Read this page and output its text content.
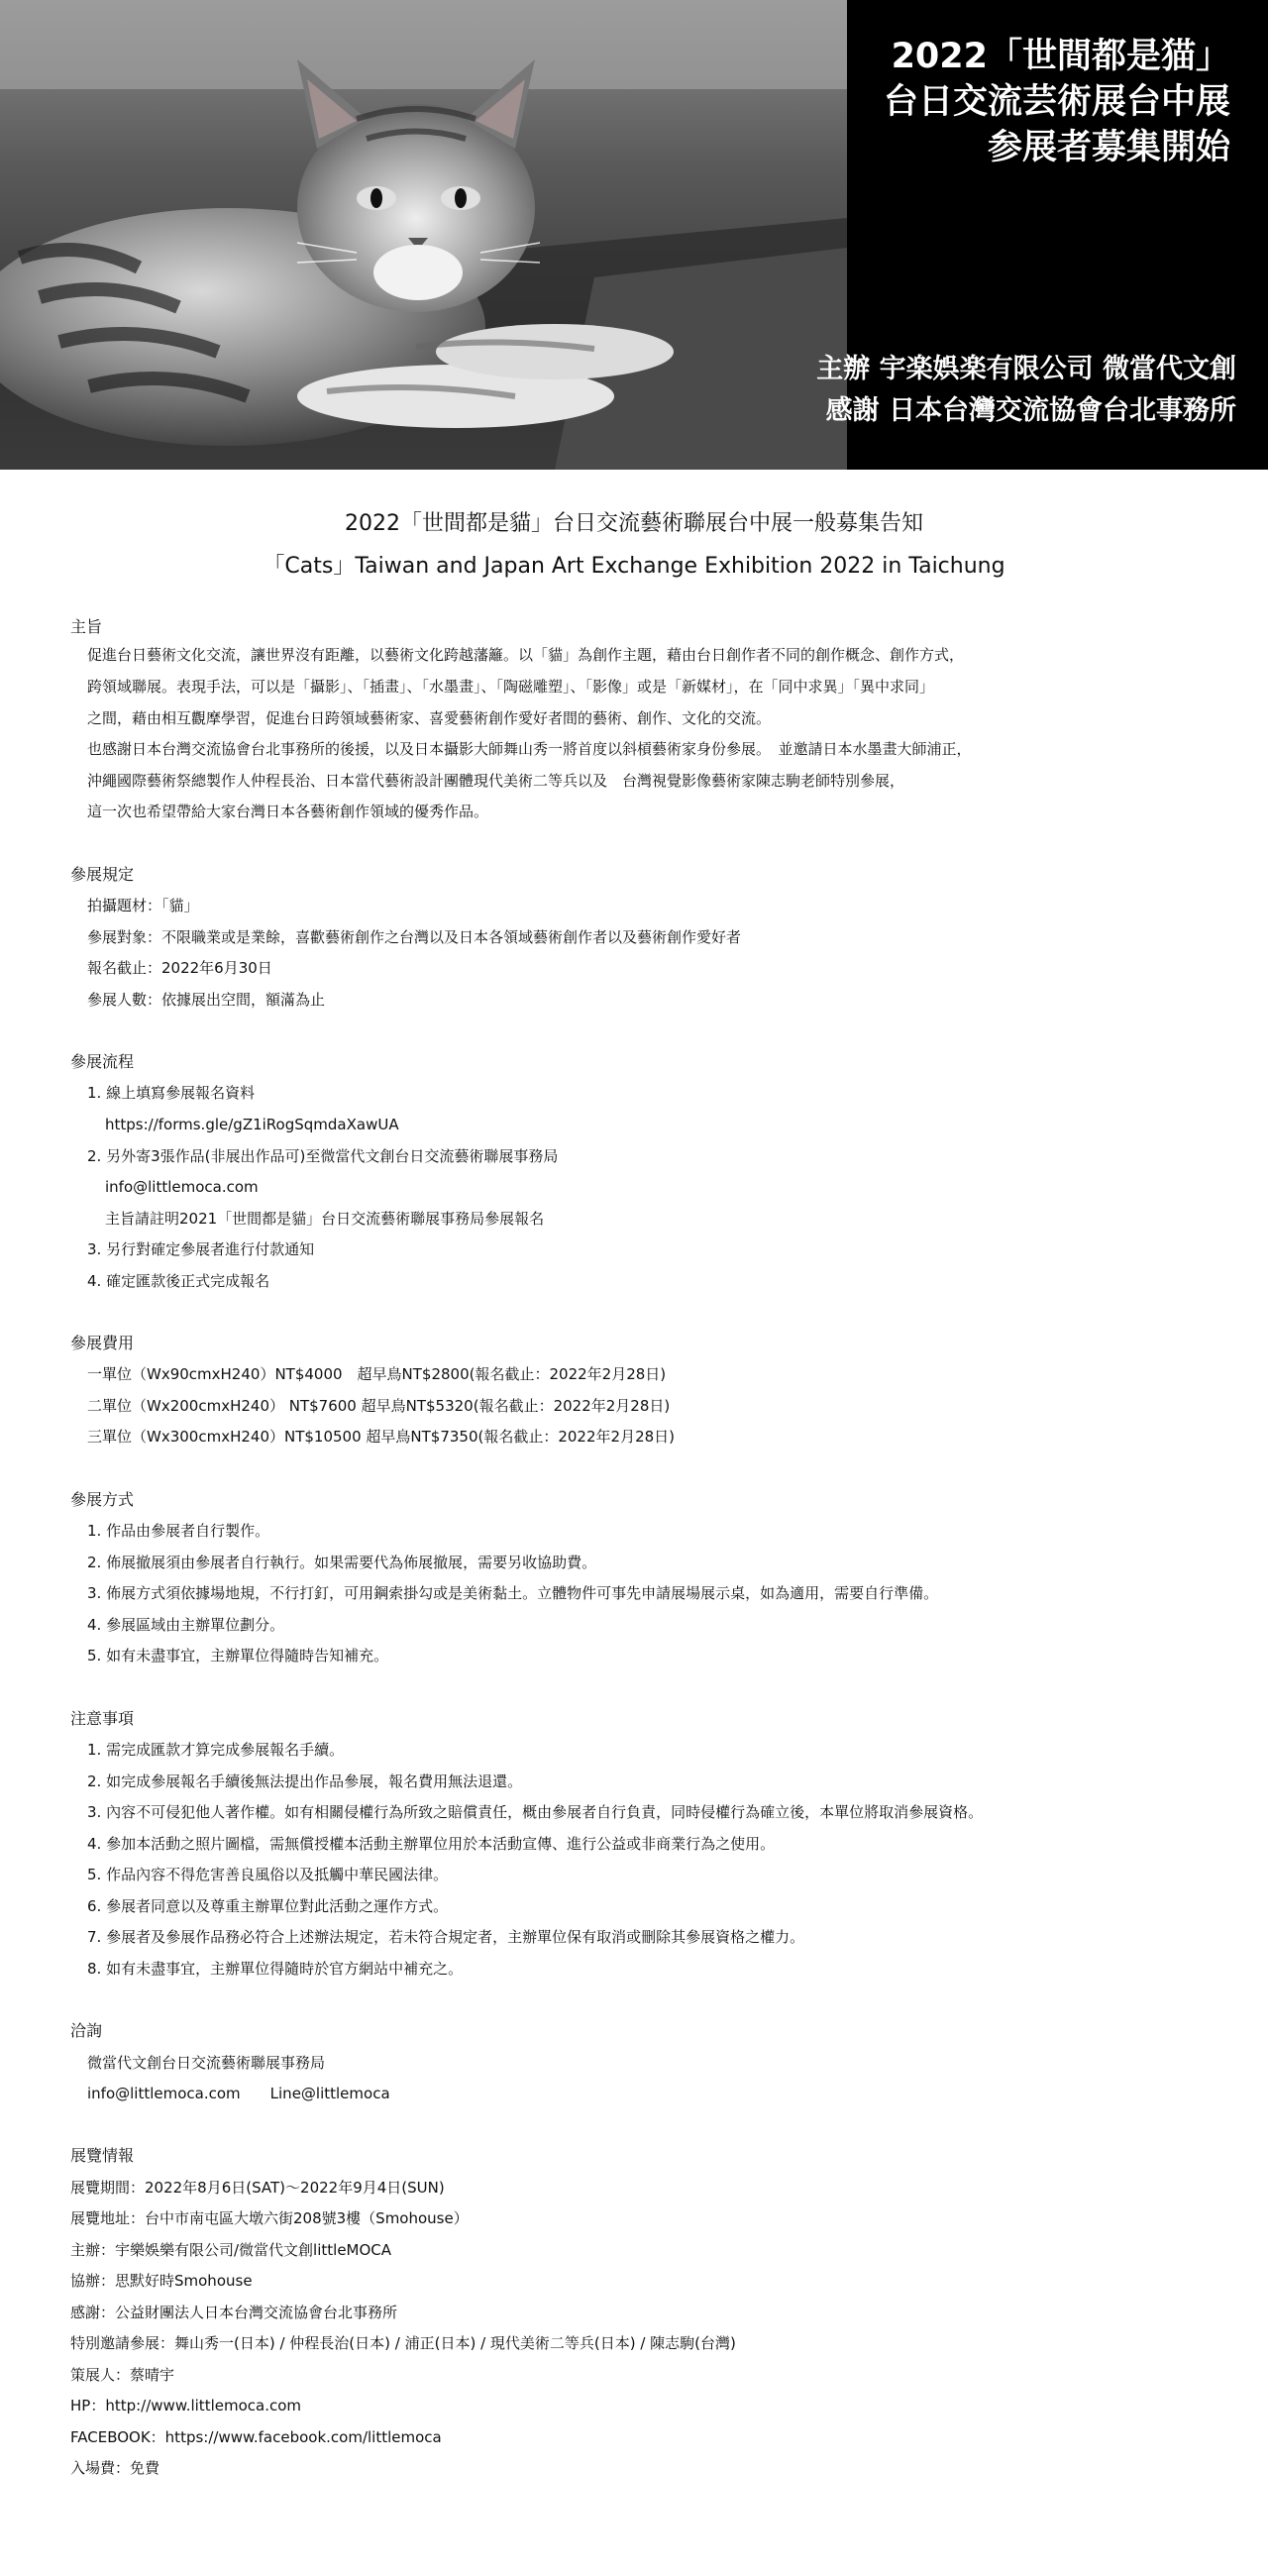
2022「世間都是猫」
台日交流芸術展台中展
参展者募集開始
主辦 宇楽娯楽有限公司 微當代文創
感謝 日本台灣交流協會台北事務所
2022「世間都是貓」台日交流藝術聯展台中展一般募集告知
「Cats」Taiwan and Japan Art Exchange Exhibition 2022 in Taichung
主旨
促進台日藝術文化交流，讓世界沒有距離，以藝術文化跨越藩籬。以「貓」為創作主題，藉由台日創作者不同的創作概念、創作方式，
跨領域聯展。表現手法，可以是「攝影」、「插畫」、「水墨畫」、「陶磁雕塑」、「影像」或是「新媒材」，在「同中求異」「異中求同」
之間，藉由相互觀摩學習，促進台日跨領域藝術家、喜愛藝術創作愛好者間的藝術、創作、文化的交流。
也感謝日本台灣交流協會台北事務所的後援，以及日本攝影大師舞山秀一將首度以斜槓藝術家身份參展。　並邀請日本水墨畫大師浦正，
沖繩國際藝術祭總製作人仲程長治、日本當代藝術設計團體現代美術二等兵以及　台灣視覺影像藝術家陳志駒老師特別參展，
這一次也希望帶給大家台灣日本各藝術創作領域的優秀作品。
參展規定
拍攝題材：「貓」
參展對象：不限職業或是業餘，喜歡藝術創作之台灣以及日本各領域藝術創作者以及藝術創作愛好者
報名截止：2022年6月30日
參展人數：依據展出空間，額滿為止
參展流程
1. 線上填寫參展報名資料
https://forms.gle/gZ1iRogSqmdaXawUA
2. 另外寄3張作品(非展出作品可)至微當代文創台日交流藝術聯展事務局
info@littlemoca.com
主旨請註明2021「世間都是貓」台日交流藝術聯展事務局參展報名
3. 另行對確定參展者進行付款通知
4. 確定匯款後正式完成報名
參展費用
一單位（Wx90cmxH240）NT$4000　超早鳥NT$2800(報名截止：2022年2月28日)
二單位（Wx200cmxH240） NT$7600 超早鳥NT$5320(報名截止：2022年2月28日)
三單位（Wx300cmxH240）NT$10500 超早鳥NT$7350(報名截止：2022年2月28日)
參展方式
1. 作品由參展者自行製作。
2. 佈展撤展須由參展者自行執行。如果需要代為佈展撤展，需要另收協助費。
3. 佈展方式須依據場地規，不行打釘，可用鋼索掛勾或是美術黏土。立體物件可事先申請展場展示桌，如為適用，需要自行準備。
4. 參展區域由主辦單位劃分。
5. 如有未盡事宜，主辦單位得隨時告知補充。
注意事項
1. 需完成匯款才算完成參展報名手續。
2. 如完成參展報名手續後無法提出作品參展，報名費用無法退還。
3. 內容不可侵犯他人著作權。如有相關侵權行為所致之賠償責任，概由參展者自行負責，同時侵權行為確立後，本單位將取消參展資格。
4. 參加本活動之照片圖檔，需無償授權本活動主辦單位用於本活動宣傳、進行公益或非商業行為之使用。
5. 作品內容不得危害善良風俗以及抵觸中華民國法律。
6. 參展者同意以及尊重主辦單位對此活動之運作方式。
7. 參展者及參展作品務必符合上述辦法規定，若未符合規定者，主辦單位保有取消或刪除其參展資格之權力。
8. 如有未盡事宜，主辦單位得隨時於官方網站中補充之。
洽詢
微當代文創台日交流藝術聯展事務局
info@littlemoca.com　　Line@littlemoca
展覽情報
展覽期間：2022年8月6日(SAT)～2022年9月4日(SUN)
展覽地址：台中市南屯區大墩六街208號3樓（Smohouse）
主辦：宇樂娛樂有限公司/微當代文創littleMOCA
協辦：思默好時Smohouse
感謝：公益財團法人日本台灣交流協會台北事務所
特別邀請參展：舞山秀一(日本) / 仲程長治(日本) / 浦正(日本) / 現代美術二等兵(日本) / 陳志駒(台灣)
策展人：蔡晴宇
HP：http://www.littlemoca.com
FACEBOOK：https://www.facebook.com/littlemoca
入場費：免費
